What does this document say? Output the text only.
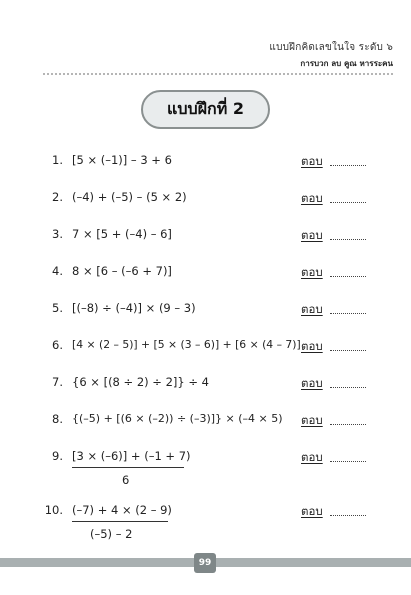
แบบฝึกคิดเลขในใจ ระดับ ๖
การบวก ลบ คูณ หารระคน
แบบฝึกที่ 2
1. [5 × (–1)] – 3 + 6	ตอบ
2. (–4) + (–5) – (5 × 2)	ตอบ
3. 7 × [5 + (–4) – 6]	ตอบ
4. 8 × [6 – (–6 + 7)]	ตอบ
5. [(–8) ÷ (–4)] × (9 – 3)	ตอบ
6. [4 × (2 – 5)] + [5 × (3 – 6)] + [6 × (4 – 7)] ตอบ
7. {6 × [(8 ÷ 2) ÷ 2]} ÷ 4	ตอบ
8. {(–5) + [(6 × (–2)) ÷ (–3)]} × (–4 × 5) ตอบ
9. [3 × (–6)] + (–1 + 7)
6
ตอบ
10. (–7) + 4 × (2 – 9)
(–5) – 2
ตอบ
99
